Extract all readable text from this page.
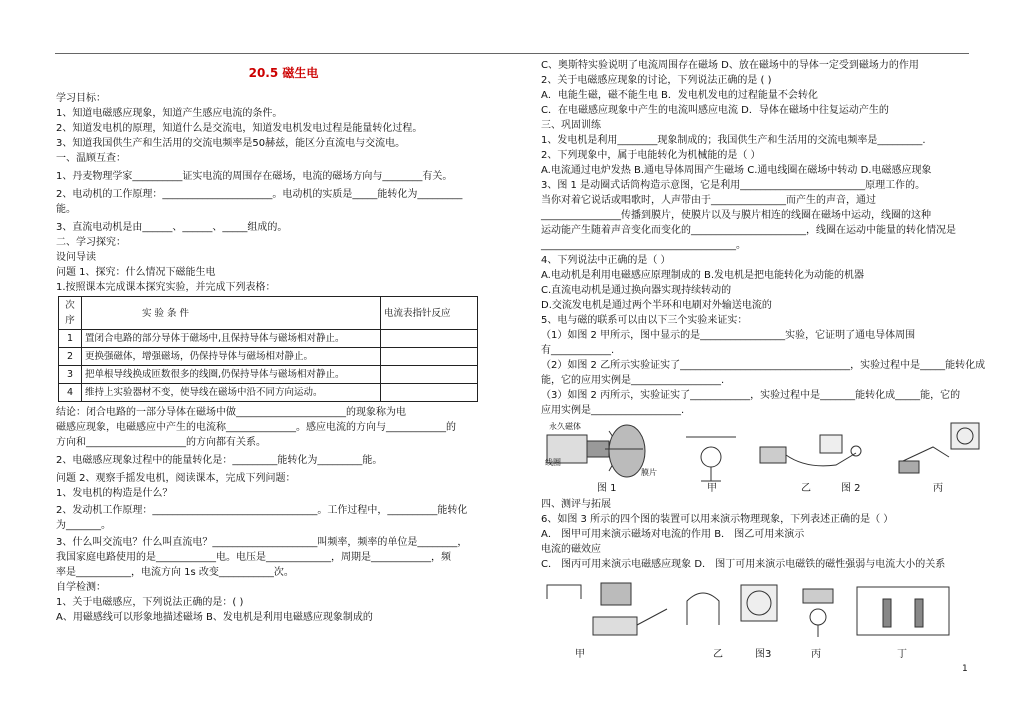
20.5 磁生电
学习目标：
1、知道电磁感应现象，知道产生感应电流的条件。
2、知道发电机的原理，知道什么是交流电，知道发电机发电过程是能量转化过程。
3、知道我国供生产和生活用的交流电频率是50赫兹，能区分直流电与交流电。
一、温顾互查：
1、丹麦物理学家__________证实电流的周围存在磁场，电流的磁场方向与________有关。
2、电动机的工作原理：______________________。电动机的实质是_____能转化为_________
能。
3、直流电动机是由______、______、_____组成的。
二、学习探究：
设问导读
问题 1、探究：什么情况下磁能生电
1.按照课本完成课本探究实验，并完成下列表格：
次序	实 验 条 件	电流表指针反应
1	置闭合电路的部分导体于磁场中,且保持导体与磁场相对静止。	
2	更换强磁体，增强磁场，仍保持导体与磁场相对静止。	
3	把单根导线换成匝数很多的线圈,仍保持导体与磁场相对静止。	
4	维持上实验器材不变，使导线在磁场中沿不同方向运动。	
结论：闭合电路的一部分导体在磁场中做______________________的现象称为电
磁感应现象，电磁感应中产生的电流称______________。感应电流的方向与____________的
方向和____________________的方向都有关系。
2、电磁感应现象过程中的能量转化是：_________能转化为_________能。
问题 2、观察手摇发电机，阅读课本，完成下列问题：
1、发电机的构造是什么？
2、发动机工作原理：_________________________________。工作过程中，__________能转化
为_______。
3、什么叫交流电？什么叫直流电？_____________________叫频率，频率的单位是________，
我国家庭电路使用的是____________电。电压是_____________，周期是____________，频
率是___________，电流方向 1s 改变___________次。
自学检测：
1、关于电磁感应，下列说法正确的是：( )
A、用磁感线可以形象地描述磁场 B、发电机是利用电磁感应现象制成的
C、奥斯特实验说明了电流周围存在磁场 D、放在磁场中的导体一定受到磁场力的作用
2、关于电磁感应现象的讨论，下列说法正确的是 ( )
A．电能生磁，磁不能生电 B．发电机发电的过程能量不会转化
C．在电磁感应现象中产生的电流叫感应电流 D．导体在磁场中往复运动产生的
三、巩固训练
1、发电机是利用________现象制成的；我国供生产和生活用的交流电频率是_________.
2、下列现象中，属于电能转化为机械能的是（ ）
A.电流通过电炉发热 B.通电导体周围产生磁场 C.通电线圈在磁场中转动 D.电磁感应现象
3、图 1 是动圈式话筒构造示意图，它是利用_________________________原理工作的。
当你对着它说话或唱歌时，人声带由于_______________而产生的声音，通过
________________传播到膜片，使膜片以及与膜片相连的线圈在磁场中运动，线圈的这种
运动能产生随着声音变化而变化的_______________________，线圈在运动中能量的转化情况是
_______________________________________。
4、下列说法中正确的是（ ）
A.电动机是利用电磁感应原理制成的 B.发电机是把电能转化为动能的机器
C.直流电动机是通过换向器实现持续转动的
D.交流发电机是通过两个半环和电刷对外输送电流的
5、电与磁的联系可以由以下三个实验来证实：
（1）如图 2 甲所示，图中显示的是_________________实验，它证明了通电导体周围
有____________.
（2）如图 2 乙所示实验证实了__________________________________，实验过程中是_____能转化成
能，它的应用实例是__________________.
（3）如图 2 丙所示，实验证实了____________，实验过程中是_______能转化成_____能，它的
应用实例是__________________.
永久磁体
线圈
膜片
图 1	甲	乙	图 2	丙
四、测评与拓展
6、如图 3 所示的四个图的装置可以用来演示物理现象，下列表述正确的是（ ）
A． 图甲可用来演示磁场对电流的作用 B． 图乙可用来演示
电流的磁效应
C． 图丙可用来演示电磁感应现象 D． 图丁可用来演示电磁铁的磁性强弱与电流大小的关系
甲	乙	图3	丙	丁
1
